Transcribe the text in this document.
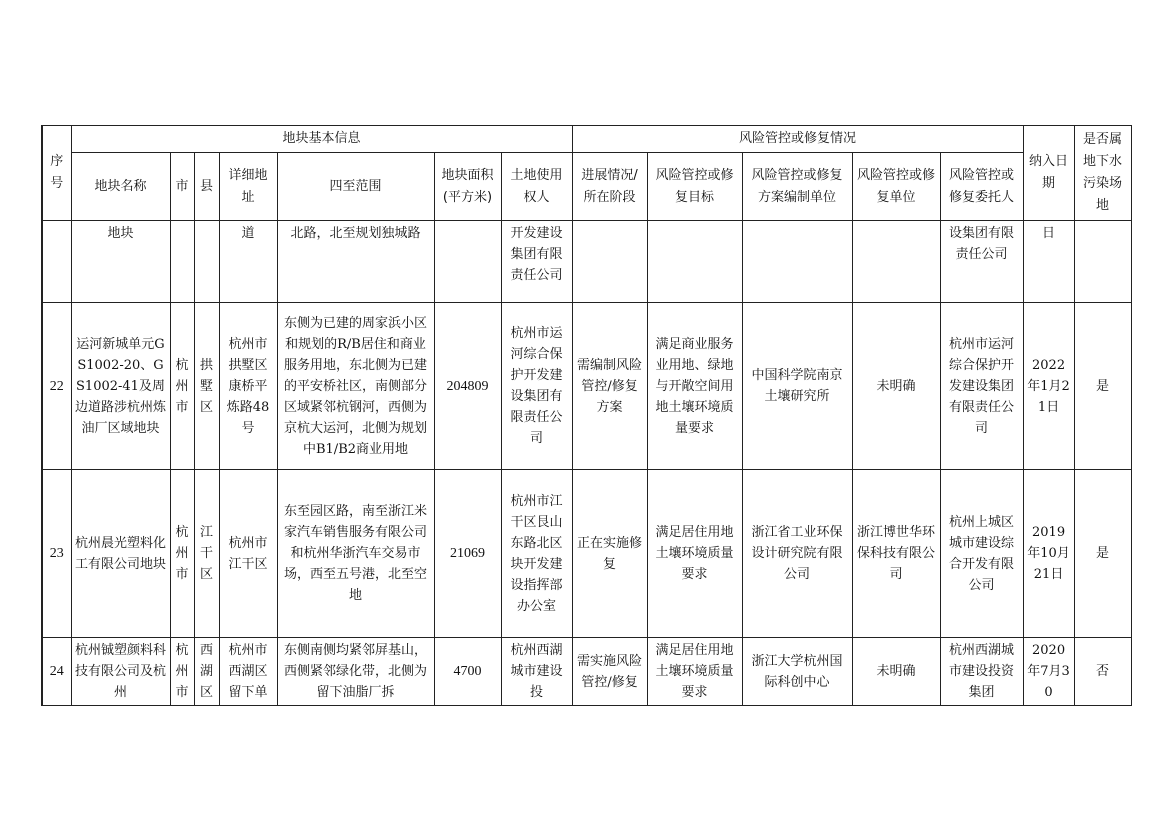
序号	地块基本信息							风险管控或修复情况					纳入日期	是否属地下水污染场地
	地块名称	市	县	详细地址	四至范围	地块面积(平方米)	土地使用权人	进展情况/所在阶段	风险管控或修复目标	风险管控或修复方案编制单位	风险管控或修复单位	风险管控或修复委托人		
	地块			道	北路，北至规划独城路		开发建设集团有限责任公司					设集团有限责任公司	日	
22	运河新城单元GS1002-20、GS1002-41及周边道路涉杭州炼油厂区域地块	杭州市	拱墅区	杭州市拱墅区康桥平炼路48号	东侧为已建的周家浜小区和规划的R/B居住和商业服务用地，东北侧为已建的平安桥社区，南侧部分区域紧邻杭钢河，西侧为京杭大运河，北侧为规划中B1/B2商业用地	204809	杭州市运河综合保护开发建设集团有限责任公司	需编制风险管控/修复方案	满足商业服务业用地、绿地与开敞空间用地土壤环境质量要求	中国科学院南京土壤研究所	未明确	杭州市运河综合保护开发建设集团有限责任公司	2022年1月21日	是
23	杭州晨光塑料化工有限公司地块	杭州市	江干区	杭州市江干区	东至园区路，南至浙江米家汽车销售服务有限公司和杭州华浙汽车交易市场，西至五号港，北至空地	21069	杭州市江干区艮山东路北区块开发建设指挥部办公室	正在实施修复	满足居住用地土壤环境质量要求	浙江省工业环保设计研究院有限公司	浙江博世华环保科技有限公司	杭州上城区城市建设综合开发有限公司	2019年10月21日	是
24	杭州铖塑颜料科技有限公司及杭州	杭州市	西湖区	杭州市西湖区留下单	东侧南侧均紧邻屏基山，西侧紧邻绿化带，北侧为留下油脂厂拆	4700	杭州西湖城市建设投	需实施风险管控/修复	满足居住用地土壤环境质量要求	浙江大学杭州国际科创中心	未明确	杭州西湖城市建设投资集团	2020年7月30	否
